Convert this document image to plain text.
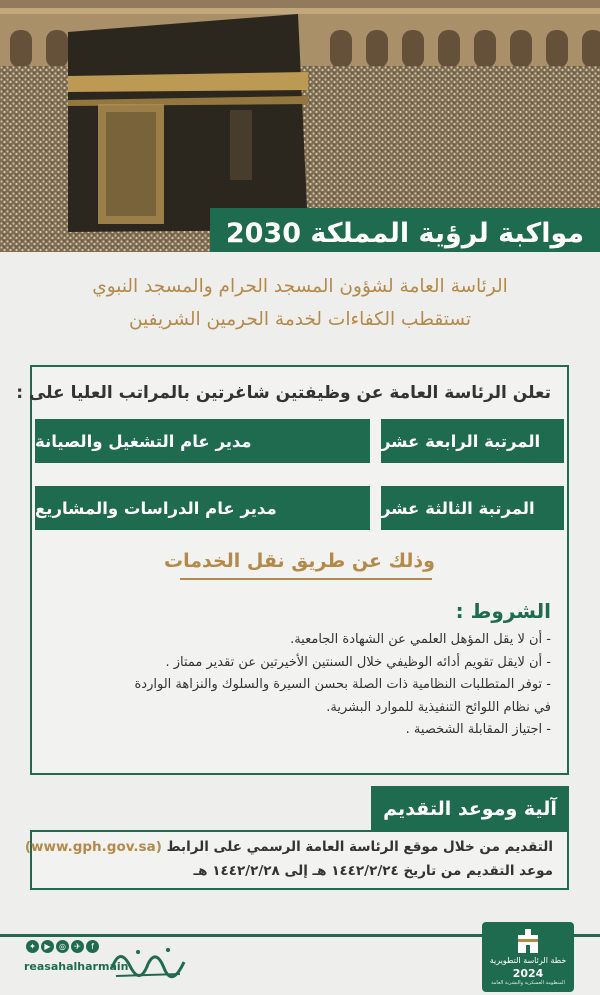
مواكبة لرؤية المملكة 2030
الرئاسة العامة لشؤون المسجد الحرام والمسجد النبوي
تستقطب الكفاءات لخدمة الحرمين الشريفين
تعلن الرئاسة العامة عن وظيفتين شاغرتين بالمراتب العليا على :
المرتبة الرابعة عشر
مدير عام التشغيل والصيانة
المرتبة الثالثة عشر
مدير عام الدراسات والمشاريع
وذلك عن طريق نقل الخدمات
الشروط :
- أن لا يقل المؤهل العلمي عن الشهادة الجامعية.
- أن لايقل تقويم أدائه الوظيفي خلال السنتين الأخيرتين عن تقدير ممتاز .
- توفر المتطلبات النظامية ذات الصلة بحسن السيرة والسلوك والنزاهة الواردة
في نظام اللوائح التنفيذية للموارد البشرية.
- اجتياز المقابلة الشخصية .
آلية وموعد التقديم
التقديم من خلال موقع الرئاسة العامة الرسمي على الرابط (www.gph.gov.sa)
موعد التقديم من تاريخ ١٤٤٢/٢/٢٤ هـ إلى ١٤٤٢/٢/٢٨ هـ
✦	▶	◎	✈	f
reasahalharmain	خطة الرئاسة التطويرية
2024
المنظومة العسكرية والبشرية العامة
